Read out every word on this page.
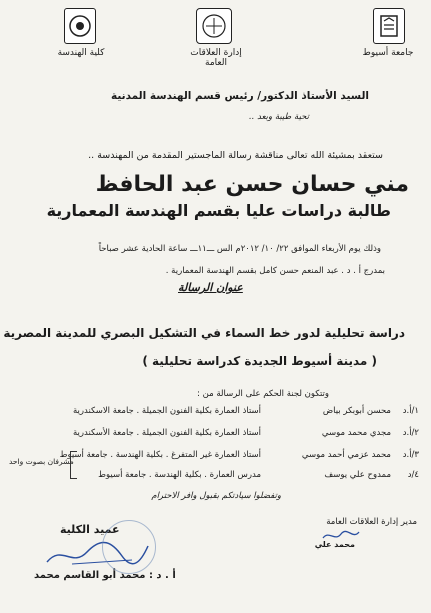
جامعة أسيوط
إدارة العلاقات العامة
كلية الهندسة
السيد الأستاذ الدكتور/ رئيس قسم الهندسة المدنية
تحية طيبة وبعد ..
ستعقد بمشيئة الله تعالى مناقشة رسالة الماجستير المقدمة من المهندسة ..
مني حسان حسن عبد الحافظ
طالبة دراسات عليا بقسم الهندسة المعمارية
وذلك يوم الأربعاء الموافق ٢٢/ ١٠/ ٢٠١٢م الس ـــ١١ـــ ساعة الحادية عشر صباحاً
بمدرج أ . د . عبد المنعم حسن كامل بقسم الهندسة المعمارية .
عنوان الرسالة
دراسة تحليلية لدور خط السماء في التشكيل البصري للمدينة المصرية
( مدينة أسيوط الجديدة كدراسة تحليلية )
وتتكون لجنة الحكم على الرسالة من :
١/أ.د
محسن أبوبكر بياض
أستاذ العمارة بكلية الفنون الجميلة . جامعة الاسكندرية
٢/أ.د
مجدي محمد موسي
أستاذ العمارة بكلية الفنون الجميلة . جامعة الأسكندرية
٣/أ.د
محمد عزمي أحمد موسي
أستاذ العمارة غير المتفرغ . بكلية الهندسة . جامعة أسيوط
مشرفان بصوت واحد
٤/د
ممدوح علي يوسف
مدرس العمارة . بكلية الهندسة . جامعة أسيوط
وتفضلوا سيادتكم بقبول وافر الاحترام
مدير إدارة العلاقات العامة
محمد علي
عميد الكلية
أ . د : محمد أبو القاسم محمد
